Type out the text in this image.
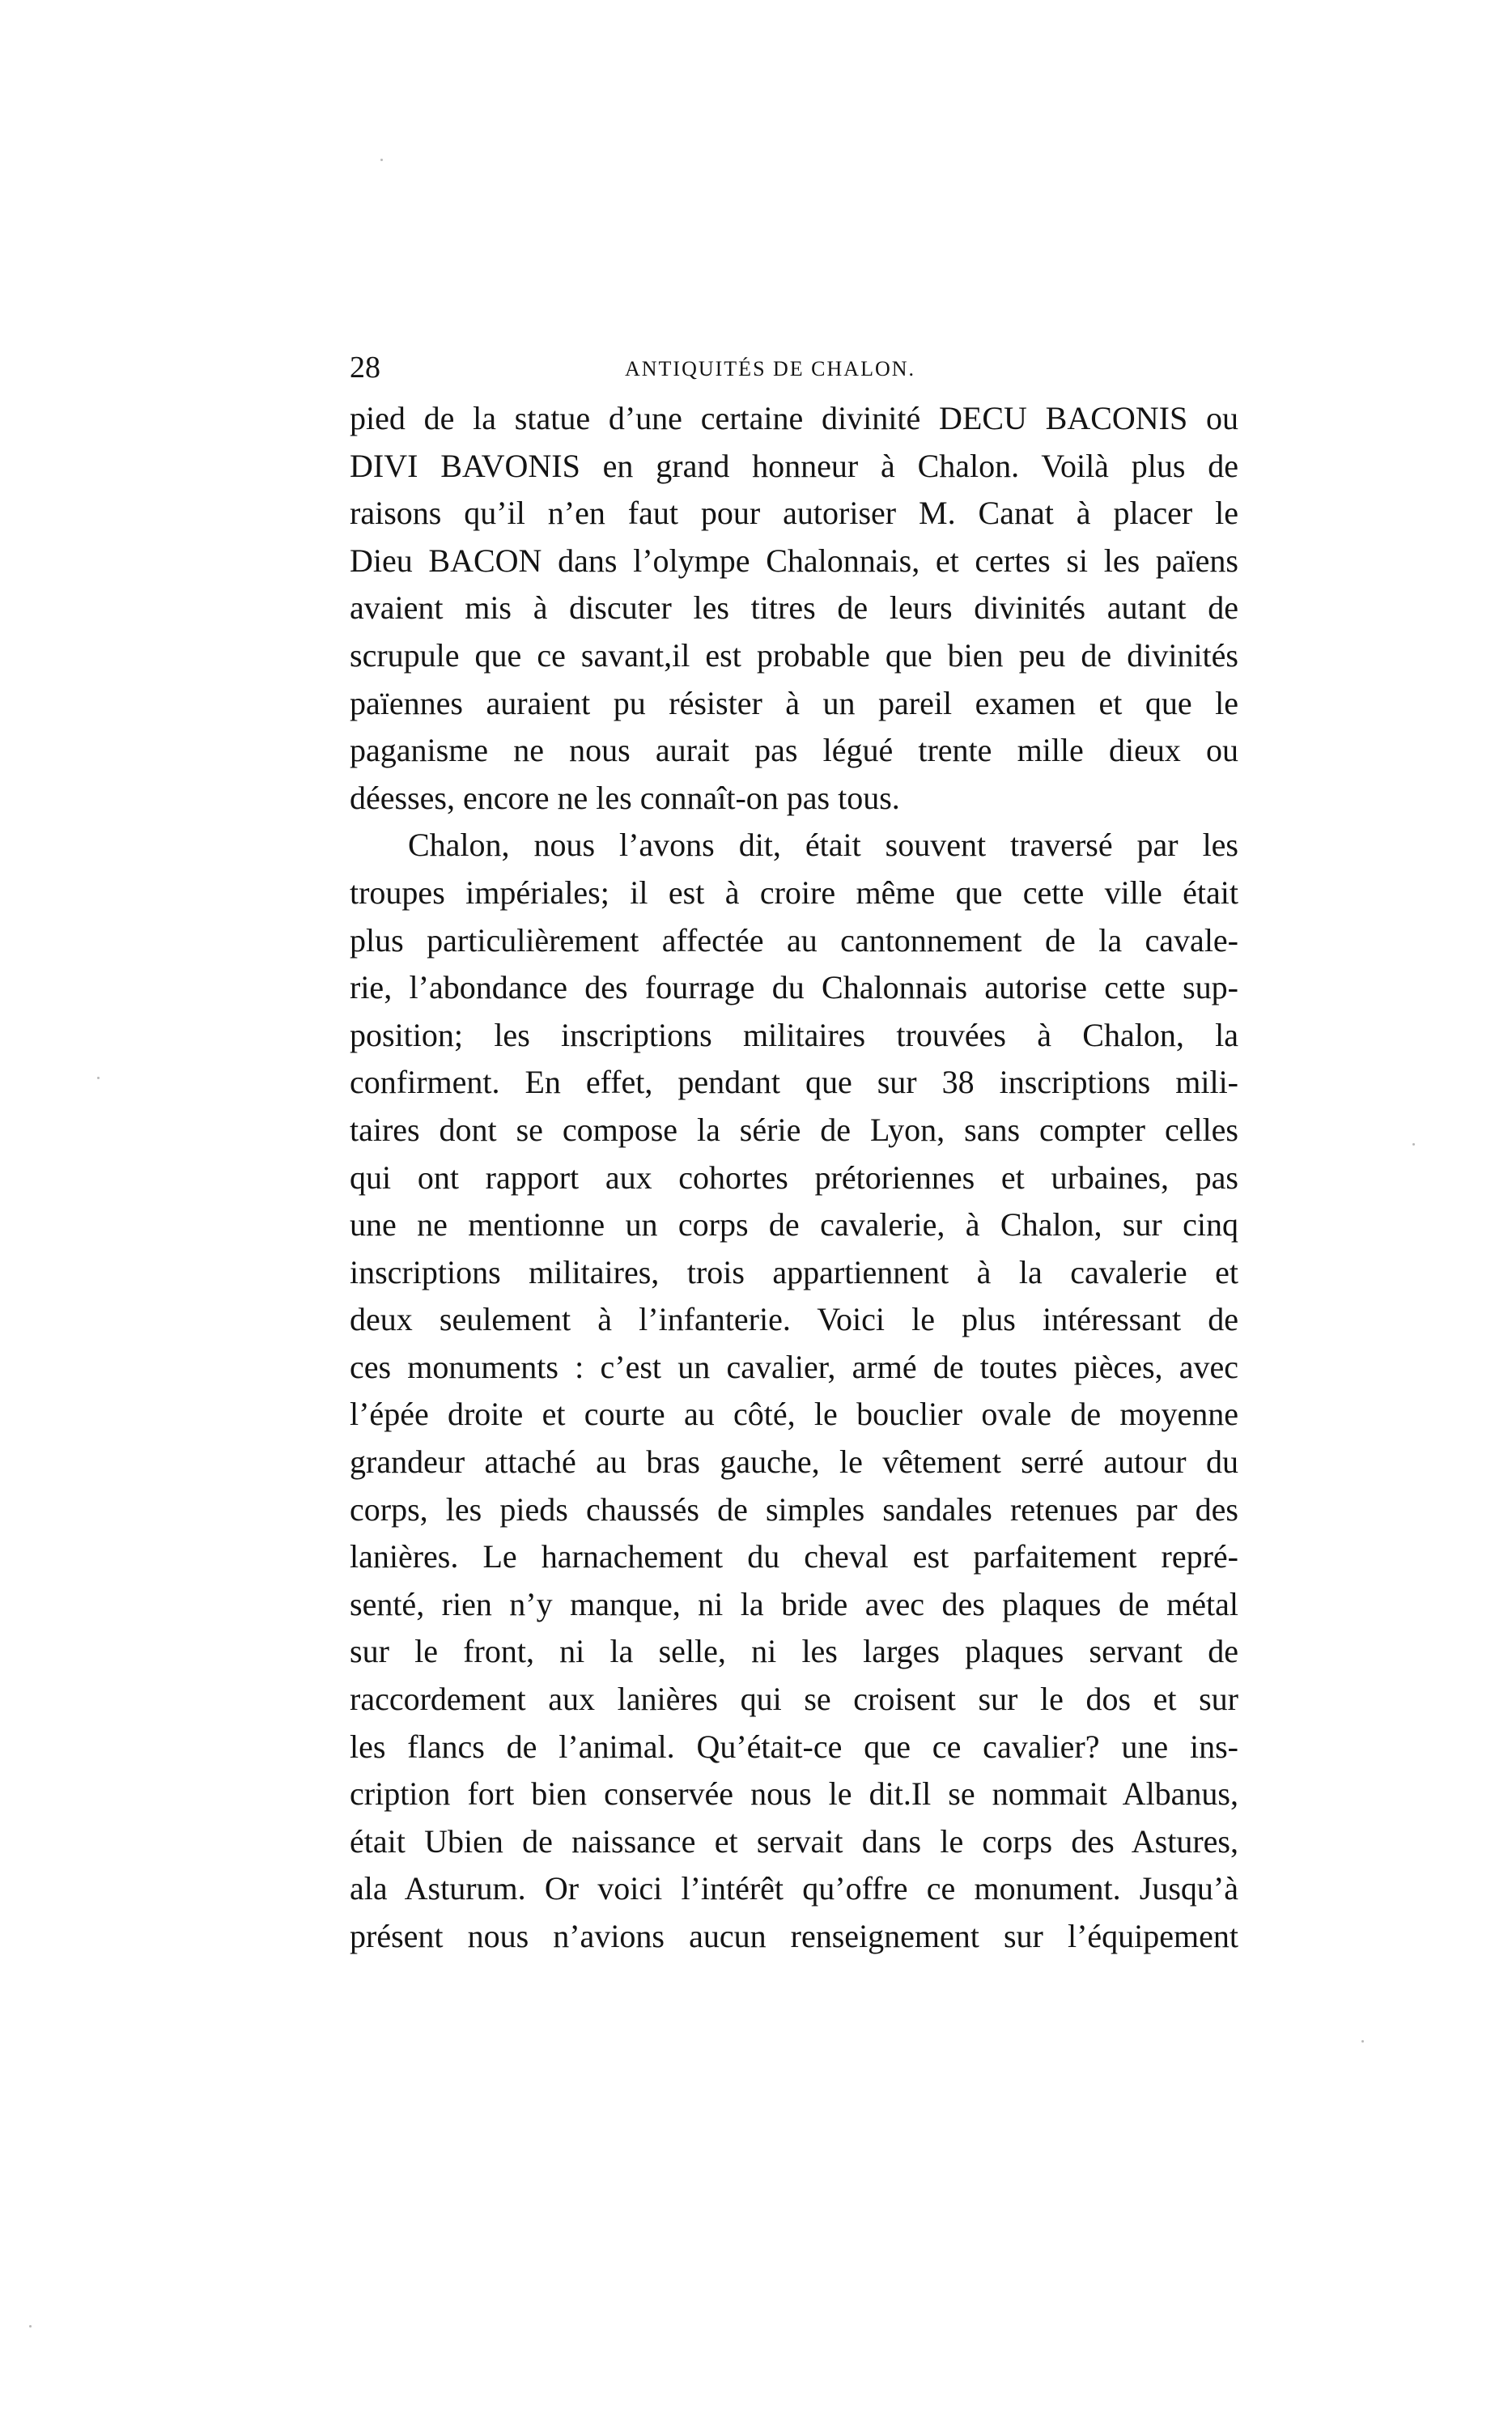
28	ANTIQUITÉS DE CHALON.
pied de la statue d’une certaine divinité DECU BACONIS ou
DIVI BAVONIS en grand honneur à Chalon. Voilà plus de
raisons qu’il n’en faut pour autoriser M. Canat à placer le
Dieu BACON dans l’olympe Chalonnais, et certes si les païens
avaient mis à discuter les titres de leurs divinités autant de
scrupule que ce savant,il est probable que bien peu de divinités
païennes auraient pu résister à un pareil examen et que le
paganisme ne nous aurait pas légué trente mille dieux ou
déesses, encore ne les connaît-on pas tous.
Chalon, nous l’avons dit, était souvent traversé par les
troupes impériales; il est à croire même que cette ville était
plus particulièrement affectée au cantonnement de la cavale-
rie, l’abondance des fourrage du Chalonnais autorise cette sup-
position; les inscriptions militaires trouvées à Chalon, la
confirment. En effet, pendant que sur 38 inscriptions mili-
taires dont se compose la série de Lyon, sans compter celles
qui ont rapport aux cohortes prétoriennes et urbaines, pas
une ne mentionne un corps de cavalerie, à Chalon, sur cinq
inscriptions militaires, trois appartiennent à la cavalerie et
deux seulement à l’infanterie. Voici le plus intéressant de
ces monuments : c’est un cavalier, armé de toutes pièces, avec
l’épée droite et courte au côté, le bouclier ovale de moyenne
grandeur attaché au bras gauche, le vêtement serré autour du
corps, les pieds chaussés de simples sandales retenues par des
lanières. Le harnachement du cheval est parfaitement repré-
senté, rien n’y manque, ni la bride avec des plaques de métal
sur le front, ni la selle, ni les larges plaques servant de
raccordement aux lanières qui se croisent sur le dos et sur
les flancs de l’animal. Qu’était-ce que ce cavalier? une ins-
cription fort bien conservée nous le dit.Il se nommait Albanus,
était Ubien de naissance et servait dans le corps des Astures,
ala Asturum. Or voici l’intérêt qu’offre ce monument. Jusqu’à
présent nous n’avions aucun renseignement sur l’équipement
